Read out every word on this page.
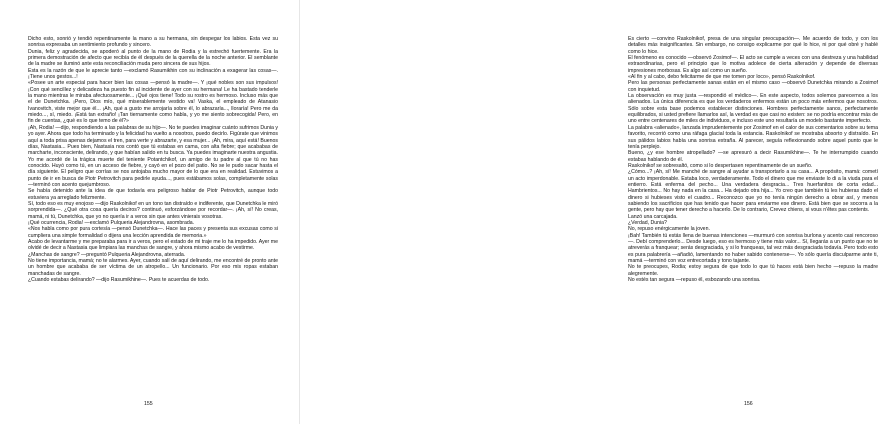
Dicho esto, sonrió y tendió repentinamente la mano a su hermana, sin despegar los labios. Esta vez su sonrisa expresaba un sentimiento profundo y sincero.

Dunia, feliz y agradecida, se apoderó al punto de la mano de Rodia y la estrechó fuertemente. Era la primera demostración de afecto que recibía de él después de la querella de la noche anterior. El semblante de la madre se iluminó ante esta reconciliación muda pero sincera de sus hijos.

Esta es la razón de que le aprecie tanto —exclamó Rasumikhin con su inclinación a exagerar las cosas—. ¡Tiene unos gestos...!

«Posee un arte especial para hacer bien las cosas —pensó la madre—. Y ¡qué nobles son sus impulsos! ¡Con qué sencillez y delicadeza ha puesto fin al incidente de ayer con su hermana! Le ha bastado tenderle la mano mientras le miraba afectuosamente... ¡Qué ojos tiene! Todo su rostro es hermoso. Incluso más que el de Dunetchka. ¡Pero, Dios mío, qué miserablemente vestido va! Vaska, el empleado de Atanasio Ivanovitch, viste mejor que él... ¡Ah, qué a gusto me arrojaría sobre él, lo abrazaría..., lloraría! Pero me da miedo..., sí, miedo. ¡Está tan extraño! ¡Tan tiernamente como habla, y yo me siento sobrecogida! Pero, en fin de cuentas, ¿qué es lo que temo de él?»

¡Ah, Rodia! —dijo, respondiendo a las palabras de su hijo—. No te puedes imaginar cuánto sufrimos Dunia y yo ayer. Ahora que todo ha terminado y la felicidad ha vuelto a nosotros, puedo decirlo. Figúrate que vinimos aquí a toda prisa apenas dejamos el tren, para verte y abrazarte, y esa mujer... ¡Ah, mira, aquí está! Buenos días, Nastasia... Pues bien, Nastasia nos contó que tú estabas en cama, con alta fiebre; que acababas de marcharte, inconsciente, delirando, y que habían salido en tu busca. Ya puedes imaginarte nuestra angustia. Yo me acordé de la trágica muerte del teniente Potantchikof, un amigo de tu padre al que tú no has conocido. Huyó como tú, en un acceso de fiebre, y cayó en el pozo del patio. No se le pudo sacar hasta el día siguiente. El peligro que corrías se nos antojaba mucho mayor de lo que era en realidad. Estuvimos a punto de ir en busca de Piotr Petrovitch para pedirle ayuda..., pues estábamos solas, completamente solas —terminó con acento quejumbroso.

Se había detenido ante la idea de que todavía era peligroso hablar de Piotr Petrovitch, aunque todo estuviera ya arreglado felizmente.

Sí, todo eso es muy enojoso —dijo Raskolnikof en un tono tan distraído e indiferente, que Dunetchka le miró sorprendida—. ¿Qué otra cosa quería deciros? continuó, esforzándose por recordar—. ¡Ah, sí! No creas, mamá, ni tú, Dunetchka, que yo no quería ir a veros sin que antes vinierais vosotras.

¡Qué ocurrencia, Rodia! —exclamó Pulqueria Alejandrovna, asombrada.

«Nos habla como por pura cortesía —pensó Dunetchka—. Hace las paces y presenta sus excusas como si cumpliera una simple formalidad o dijera una lección aprendida de memoria.»

Acabo de levantarme y me preparaba para ir a veros, pero el estado de mi traje me lo ha impedido. Ayer me olvidé de decir a Nastasia que limpiara las manchas de sangre, y ahora mismo acabo de vestirme.

¿Manchas de sangre? —preguntó Pulqueria Alejandrovna, aterrada.

No tiene importancia, mamá; no te alarmes. Ayer, cuando salí de aquí delirando, me encontré de pronto ante un hombre que acababa de ser víctima de un atropello... Un funcionario. Por eso mis ropas estaban manchadas de sangre.

¿Cuando estabas delirando? —dijo Rasumikhine—. Pues te acuerdas de todo.

155

Es cierto —convino Raskolnikof, presa de una singular preocupación—. Me acuerdo de todo, y con los detalles más insignificantes. Sin embargo, no consigo explicarme por qué lo hice, ni por qué obré y hablé como lo hice.

El fenómeno es conocido —observó Zosimof—. El acto se cumple a veces con una destreza y una habilidad extraordinarias, pero el principio que lo motiva adolece de cierta alteración y depende de diversas impresiones morbosas. Es algo así como un sueño.

«Al fin y al cabo, debo felicitarme de que me tomen por loco», pensó Raskolnikof.

Pero las personas perfectamente sanas están en el mismo caso —observó Dunetchka mirando a Zosimof con inquietud.

La observación es muy justa —respondió el médico—. En este aspecto, todos solemos parecernos a los alienados. La única diferencia es que los verdaderos enfermos están un poco más enfermos que nosotros. Sólo sobre esta base podemos establecer distinciones. Hombres perfectamente sanos, perfectamente equilibrados, si usted prefiere llamarlos así, la verdad es que casi no existen: se no podría encontrar más de uno entre centenares de miles de individuos, e incluso este uno resultaría un modelo bastante imperfecto.

La palabra «alienado», lanzada imprudentemente por Zosimof en el calor de sus comentarios sobre su tema favorito, recorrió como una ráfaga glacial toda la estancia. Raskolnikof se mostraba absorto y distraído. En sus pálidos labios había una sonrisa extraña. Al parecer, seguía reflexionando sobre aquel punto que le tenía perplejo.

Bueno, ¿y ese hombre atropellado? —se apresuró a decir Rasumikhine—. Te he interrumpido cuando estabas hablando de él.

Raskolnikof se sobresaltó, como si lo despertasen repentinamente de un sueño.

¿Cómo...? ¡Ah, sí! Me manché de sangre al ayudar a transportarlo a su casa... A propósito, mamá: cometí un acto imperdonable. Estaba loco, verdaderamente. Todo el dinero que me enviaste lo di a la viuda para el entierro. Está enferma del pecho... Una verdadera desgracia... Tres huerfanitos de corta edad... Hambrientos... No hay nada en la casa... Ha dejado otra hija... Yo creo que también tú les hubieras dado el dinero si hubieses visto el cuadro... Reconozco que yo no tenía ningún derecho a obrar así, y menos sabiendo los sacrificios que has tenido que hacer para enviarme ese dinero. Está bien que se socorra a la gente, pero hay que tener derecho a hacerlo. De lo contrario, Crevez chiens, si vous n'êtes pas contents.

Lanzó una carcajada.

¿Verdad, Dunia?

No, repuso enérgicamente la joven.

¡Bah! También tú estás llena de buenas intenciones —murmuró con sonrisa burlona y acento casi rencoroso—. Debí comprenderlo... Desde luego, eso es hermoso y tiene más valor... Sí, llegarás a un punto que no te atreverás a franquear; serás desgraciada, y si lo franqueas, tal vez más desgraciada todavía. Pero todo esto es pura palabrería —añadió, lamentando no haber sabido contenerse—. Yo sólo quería disculparme ante ti, mamá —terminó con voz entrecortada y tono tajante.

No te preocupes, Rodia; estoy segura de que todo lo que tú haces está bien hecho —repuso la madre alegremente.

No estés tan segura —repuso él, esbozando una sonrisa.

156
